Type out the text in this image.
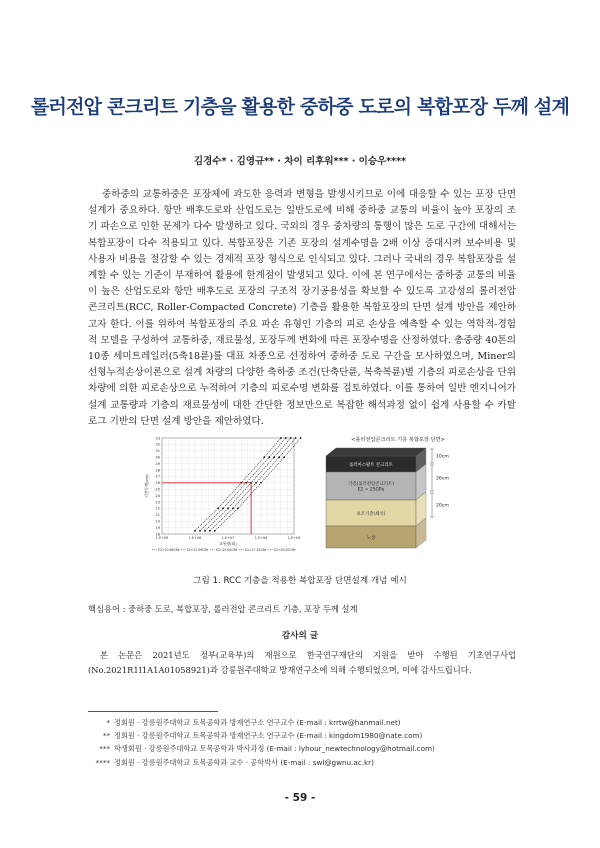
롤러전압 콘크리트 기층을 활용한 중하중 도로의 복합포장 두께 설계
김경수* · 김영규** · 차이 리후워*** · 이승우****
중하중의 교통하중은 포장체에 과도한 응력과 변형을 발생시키므로 이에 대응할 수 있는 포장 단면 설계가 중요하다. 항만 배후도로와 산업도로는 일반도로에 비해 중하중 교통의 비율이 높아 포장의 조기 파손으로 인한 문제가 다수 발생하고 있다. 국외의 경우 중차량의 통행이 많은 도로 구간에 대해서는 복합포장이 다수 적용되고 있다. 복합포장은 기존 포장의 설계수명을 2배 이상 증대시켜 보수비용 및 사용자 비용을 절감할 수 있는 경제적 포장 형식으로 인식되고 있다. 그러나 국내의 경우 복합포장을 설계할 수 있는 기준이 부재하여 활용에 한계점이 발생되고 있다. 이에 본 연구에서는 중하중 교통의 비율이 높은 산업도로와 항만 배후도로 포장의 구조적 장기공용성을 확보할 수 있도록 고강성의 롤러전압 콘크리트(RCC, Roller-Compacted Concrete) 기층을 활용한 복합포장의 단면 설계 방안을 제안하고자 한다. 이를 위하여 복합포장의 주요 파손 유형인 기층의 피로 손상을 예측할 수 있는 역학적-경험적 모델을 구성하여 교통하중, 재료물성, 포장두께 변화에 따른 포장수명을 산정하였다. 총중량 40톤의 10종 세미트레일러(5축18륜)를 대표 차종으로 선정하여 중하중 도로 구간을 모사하였으며, Miner의 선형누적손상이론으로 설계 차량의 다양한 축하중 조건(단축단륜, 복축복륜)별 기층의 피로손상을 단위 차량에 의한 피로손상으로 누적하여 기층의 피로수명 변화를 검토하였다. 이를 통하여 일반 엔지니어가 설계 교통량과 기층의 재료물성에 대한 간단한 정보만으로 복잡한 해석과정 없이 쉽게 사용할 수 카탈로그 기반의 단면 설계 방안을 제안하였다.
18
19
20
21
22
23
24
25
26
27
28
29
30
31
32
33
1.E+05	1.E+06	1.E+07	1.E+08	1.E+09
교통량(회)
기층두께(cm)
E2=20.96GPa E2=22.96GPa E2=25.00GPa E2=27.35GPa E2=30.00GPa
<롤러전압콘크리트 기층 복합포장 단면>
롤러마스팔트 콘크리트
10cm
기층(롤러전압콘크리트)
E2 = 25GPa
26cm
보조기층(쇄석)
20cm
노상
그림 1. RCC 기층을 적용한 복합포장 단면설계 개념 예시
핵심용어 : 중하중 도로, 복합포장, 롤러전압 콘크리트 기층, 포장 두께 설계
감사의 글
본 논문은 2021년도 정부(교육부)의 재원으로 한국연구재단의 지원을 받아 수행된 기초연구사업(No.2021R1I1A1A01058921)과 강릉원주대학교 방재연구소에 의해 수행되었으며, 이에 감사드립니다.
* 정회원 · 강릉원주대학교 토목공학과 방재연구소 연구교수 (E-mail : krrtw@hanmail.net)
** 정회원 · 강릉원주대학교 토목공학과 방재연구소 연구교수 (E-mail : kingdom1980@nate.com)
*** 학생회원 · 강릉원주대학교 토목공학과 박사과정 (E-mail : lyhour_newtechnology@hotmail.com)
**** 정회원 · 강릉원주대학교 토목공학과 교수 · 공학박사 (E-mail : swl@gwnu.ac.kr)
- 59 -
